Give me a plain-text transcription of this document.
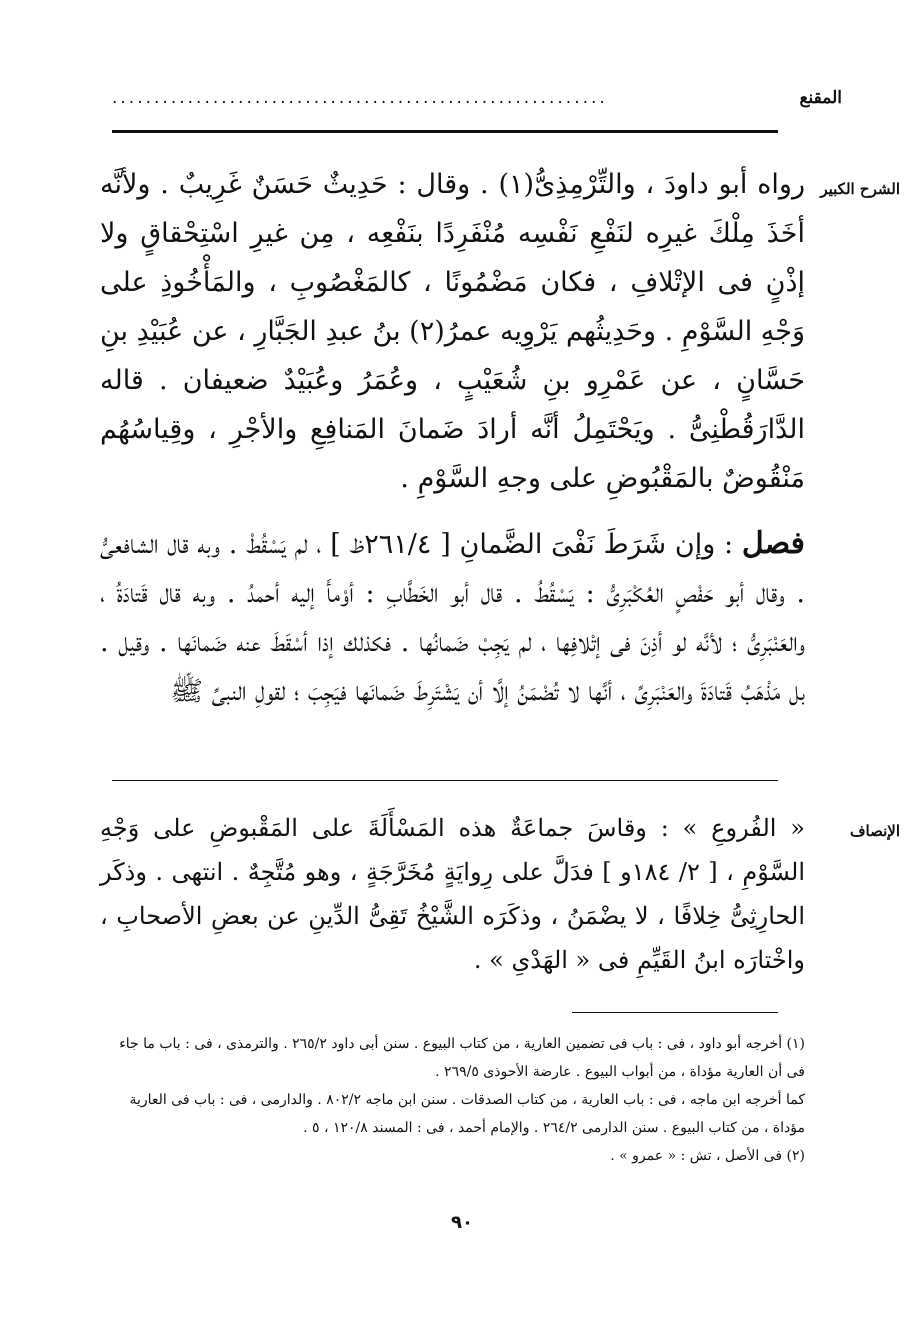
المقنع
...........................................................
الشرح الكبير

رواه أبو داودَ ، والتِّرْمِذِىُّ(١) . وقال : حَدِيثٌ حَسَنٌ غَرِيبٌ . ولأنَّه أخَذَ مِلْكَ غيرِه لنَفْعِ نَفْسِه مُنْفَرِدًا بنَفْعِه ، مِن غيرِ اسْتِحْقاقٍ ولا إذْنٍ فى الإتْلافِ ، فكان مَضْمُونًا ، كالمَغْصُوبِ ، والمَأْخُوذِ على وَجْهِ السَّوْمِ . وحَدِيثُهم يَرْوِيه عمرُ(٢) بنُ عبدِ الجَبَّارِ ، عن عُبَيْدِ بنِ حَسَّانٍ ، عن عَمْرِو بنِ شُعَيْبٍ ، وعُمَرُ وعُبَيْدٌ ضعيفان . قاله الدَّارَقُطْنِىُّ . ويَحْتَمِلُ أنَّه أرادَ ضَمانَ المَنافِعِ والأجْرِ ، وقِياسُهُم مَنْقُوضٌ بالمَقْبُوضِ على وجهِ السَّوْمِ .

فصل : وإن شَرَطَ نَفْىَ الضَّمانِ [ ٢٦١/٤ظ ] ، لم يَسْقُطْ . وبه قال الشافعىُّ . وقال أبو حَفْصٍ العُكْبَرِىُّ : يَسْقُطُ . قال أبو الخَطَّابِ : أوْمأَ إليه أحمدُ . وبه قال قَتادَةُ ، والعَنْبَرِىُّ ؛ لأنَّه لو أذِنَ فى إتْلافِها ، لم يَجِبْ ضَمانُها . فكذلك إذا أسْقَطَ عنه ضَمانَها . وقيل . بل مَذْهَبُ قَتادَةَ والعَنْبَرِىِّ ، أنَّها لا تُضْمَنُ إلَّا أن يَشْتَرِطَ ضَمانَها فيَجِبَ ؛ لقولِ النبىِّ ﷺ

الإنصاف

« الفُروعِ » : وقاسَ جماعَةٌ هذه المَسْأَلَةَ على المَقْبوضِ على وَجْهِ السَّوْمِ ، [ ٢/ ١٨٤و ] فدَلَّ على رِوايَةٍ مُخَرَّجَةٍ ، وهو مُتَّجِهٌ . انتهى . وذكَر الحارِثِىُّ خِلافًا ، لا يضْمَنُ ، وذكَرَه الشَّيْخُ تَقِىُّ الدِّينِ عن بعضِ الأصحابِ ، واخْتارَه ابنُ القَيِّمِ فى « الهَدْىِ » .

(١) أخرجه أبو داود ، فى : باب فى تضمين العارية ، من كتاب البيوع . سنن أبى داود ٢٦٥/٢ . والترمذى ، فى : باب ما جاء فى أن العارية مؤداة ، من أبواب البيوع . عارضة الأحوذى ٢٦٩/٥ .

كما أخرجه ابن ماجه ، فى : باب العارية ، من كتاب الصدقات . سنن ابن ماجه ٨٠٢/٢ . والدارمى ، فى : باب فى العارية مؤداة ، من كتاب البيوع . سنن الدارمى ٢٦٤/٢ . والإمام أحمد ، فى : المسند ١٢٠/٨ ، ٥ .

(٢) فى الأصل ، تش : « عمرو » .

٩٠
